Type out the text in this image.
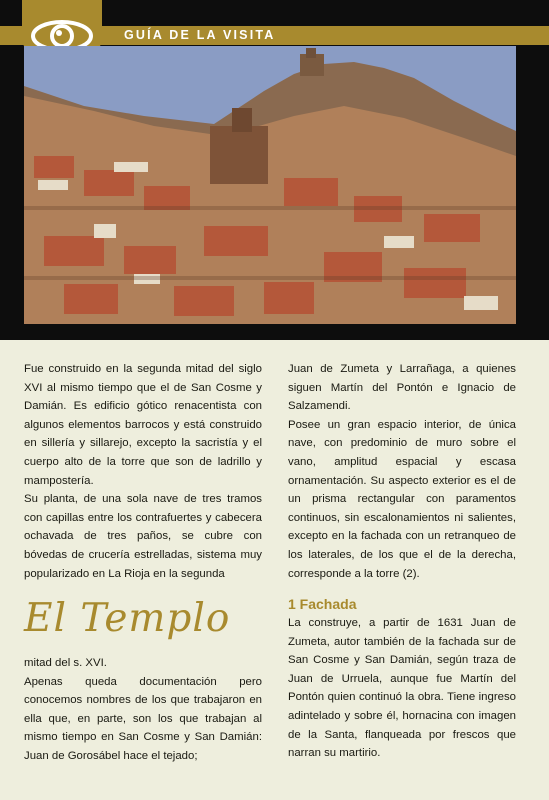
GUÍA DE LA VISITA

Fue construido en la segunda mitad del siglo XVI al mismo tiempo que el de San Cosme y Damián. Es edificio gótico renacentista con algunos elementos barrocos y está construido en sillería y sillarejo, excepto la sacristía y el cuerpo alto de la torre que son de ladrillo y mampostería.

Su planta, de una sola nave de tres tramos con capillas entre los contrafuertes y cabecera ochavada de tres paños, se cubre con bóvedas de crucería estrelladas, sistema muy popularizado en La Rioja en la segunda

El Templo

mitad del s. XVI.

Apenas queda documentación pero conocemos nombres de los que trabajaron en ella que, en parte, son los que trabajan al mismo tiempo en San Cosme y San Damián: Juan de Gorosábel hace el tejado;

Juan de Zumeta y Larrañaga, a quienes siguen Martín del Pontón e Ignacio de Salzamendi.

Posee un gran espacio interior, de única nave, con predominio de muro sobre el vano, amplitud espacial y escasa ornamentación. Su aspecto exterior es el de un prisma rectangular con paramentos continuos, sin escalonamientos ni salientes, excepto en la fachada con un retranqueo de los laterales, de los que el de la derecha, corresponde a la torre (2).

1 Fachada

La construye, a partir de 1631 Juan de Zumeta, autor también de la fachada sur de San Cosme y San Damián, según traza de Juan de Urruela, aunque fue Martín del Pontón quien continuó la obra. Tiene ingreso adintelado y sobre él, hornacina con imagen de la Santa, flanqueada por frescos que narran su martirio.
